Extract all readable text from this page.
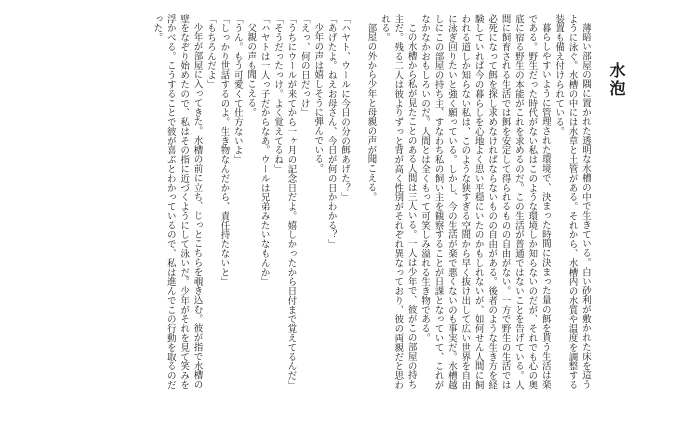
水泡

薄暗い部屋の隅に置かれた透明な水槽の中で生きている。白い砂利が敷かれた床を這うように泳ぐ。水槽の中には水草と土管がある。それから、水槽内の水質や温度を調整する装置も備え付けられている。

暮らしやすいように管理された環境で、決まった時間に決まった量の餌を貰う生活は楽である。野生だった時代がない私はこのような環境しか知らないのだが、それでも心の奥底に宿る野生の本能がこれを求めるのだ。この生活が普通ではないことを告げている。人間に飼育される生活では餌を安定して得られるものの自由がない。一方で野生の生活では必死になって餌を探し求めなければならないものの自由がある。後者のような生き方を経験していれば今の暮らしを心地よく思い平穏にいたのかもしれないが、如何せん人間に飼われる道しか知らない私は、このような狭すぎる空間から早く抜け出して広い世界を自由に泳ぎ回りたいと強く願っている。しかし、今の生活が楽で悪くないのも事実だ。水槽越しにこの部屋の持ち主、すなわち私の飼い主を観察することが日課となっていて、これがなかなかおもしろいのだ。人間とは全くもって可笑しみ溢れる生き物である。

この水槽から私が見たことのある人間は三人いる。一人は少年で、彼がこの部屋の持ち主だ。残る二人は彼よりずっと背が高く性別がそれぞれ異なっており、彼の両親だと思われる。

部屋の外から少年と母親の声が聞こえる。

「ハヤト、ウールに今日の分の餌あげた？」

「あげたよ。ねえお母さん、今日が何の日かわかる？」

少年の声は嬉しそうに弾んでいる。

「えっ、何の日だっけ」

「うちにウールが来てから一ヶ月の記念日だよ。嬉しかったから日付まで覚えてるんだ」

「そうだったっけ。よく覚えてるね」

「ハヤトは一人っ子だからなあ。ウールは兄弟みたいなもんか」

父親の声も聞こえる。

「うん。もう可愛くて仕方ないよ」

「しっかり世話するのよ。生き物なんだから、責任持たないと」

「もちろんだよ」

少年が部屋に入ってきた。水槽の前に立ち、じっとこちらを覗き込む。彼が指で水槽の壁をなぞり始めたので、私はその指に近づくようにして泳いだ。少年がそれを見て笑みを浮かべる。こうすることで彼が喜ぶとわかっているので、私は進んでこの行動を取るのだった。
